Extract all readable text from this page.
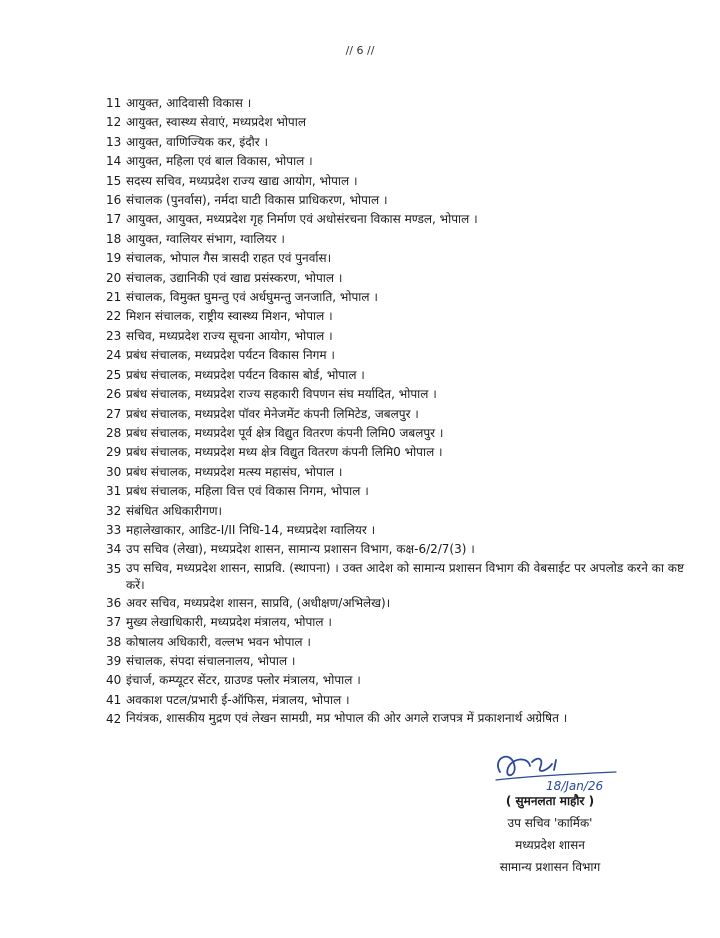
// 6 //
11 आयुक्त, आदिवासी विकास ।
12 आयुक्त, स्वास्थ्य सेवाएं, मध्यप्रदेश भोपाल
13 आयुक्त, वाणिज्यिक कर, इंदौर ।
14 आयुक्त, महिला एवं बाल विकास, भोपाल ।
15 सदस्य सचिव, मध्यप्रदेश राज्य खाद्य आयोग, भोपाल ।
16 संचालक (पुनर्वास), नर्मदा घाटी विकास प्राधिकरण, भोपाल ।
17 आयुक्त, आयुक्त, मध्यप्रदेश गृह निर्माण एवं अधोसंरचना विकास मण्डल, भोपाल ।
18 आयुक्त, ग्वालियर संभाग, ग्वालियर ।
19 संचालक, भोपाल गैस त्रासदी राहत एवं पुनर्वास।
20 संचालक, उद्यानिकी एवं खाद्य प्रसंस्करण, भोपाल ।
21 संचालक, विमुक्त घुमन्तु एवं अर्धघुमन्तु जनजाति, भोपाल ।
22 मिशन संचालक, राष्ट्रीय स्वास्थ्य मिशन, भोपाल ।
23 सचिव, मध्यप्रदेश राज्य सूचना आयोग, भोपाल ।
24 प्रबंध संचालक, मध्यप्रदेश पर्यटन विकास निगम ।
25 प्रबंध संचालक, मध्यप्रदेश पर्यटन विकास बोर्ड, भोपाल ।
26 प्रबंध संचालक, मध्यप्रदेश राज्य सहकारी विपणन संघ मर्यादित, भोपाल ।
27 प्रबंध संचालक, मध्यप्रदेश पॉवर मेनेजमेंट कंपनी लिमिटेड, जबलपुर ।
28 प्रबंध संचालक, मध्यप्रदेश पूर्व क्षेत्र विद्युत वितरण कंपनी लिमि0 जबलपुर ।
29 प्रबंध संचालक, मध्यप्रदेश मध्य क्षेत्र विद्युत वितरण कंपनी लिमि0 भोपाल ।
30 प्रबंध संचालक, मध्यप्रदेश मत्स्य महासंघ, भोपाल ।
31 प्रबंध संचालक, महिला वित्त एवं विकास निगम, भोपाल ।
32 संबंधित अधिकारीगण।
33 महालेखाकार, आडिट-I/II निधि-14, मध्यप्रदेश ग्वालियर ।
34 उप सचिव (लेखा), मध्यप्रदेश शासन, सामान्य प्रशासन विभाग, कक्ष-6/2/7(3) ।
35 उप सचिव, मध्यप्रदेश शासन, साप्रवि. (स्थापना) । उक्त आदेश को सामान्य प्रशासन विभाग की वेबसाईट पर अपलोड करने का कष्ट करें।
36 अवर सचिव, मध्यप्रदेश शासन, साप्रवि, (अधीक्षण/अभिलेख)।
37 मुख्य लेखाधिकारी, मध्यप्रदेश मंत्रालय, भोपाल ।
38 कोषालय अधिकारी, वल्लभ भवन भोपाल ।
39 संचालक, संपदा संचालनालय, भोपाल ।
40 इंचार्ज, कम्प्यूटर सेंटर, ग्राउण्ड फ्लोर मंत्रालय, भोपाल ।
41 अवकाश पटल/प्रभारी ई-ऑफिस, मंत्रालय, भोपाल ।
42 नियंत्रक, शासकीय मुद्रण एवं लेखन सामग्री, मप्र भोपाल की ओर अगले राजपत्र में प्रकाशनार्थ अग्रेषित ।
18/Jan/26
( सुमनलता माहौर )
उप सचिव 'कार्मिक'
मध्यप्रदेश शासन
सामान्य प्रशासन विभाग
